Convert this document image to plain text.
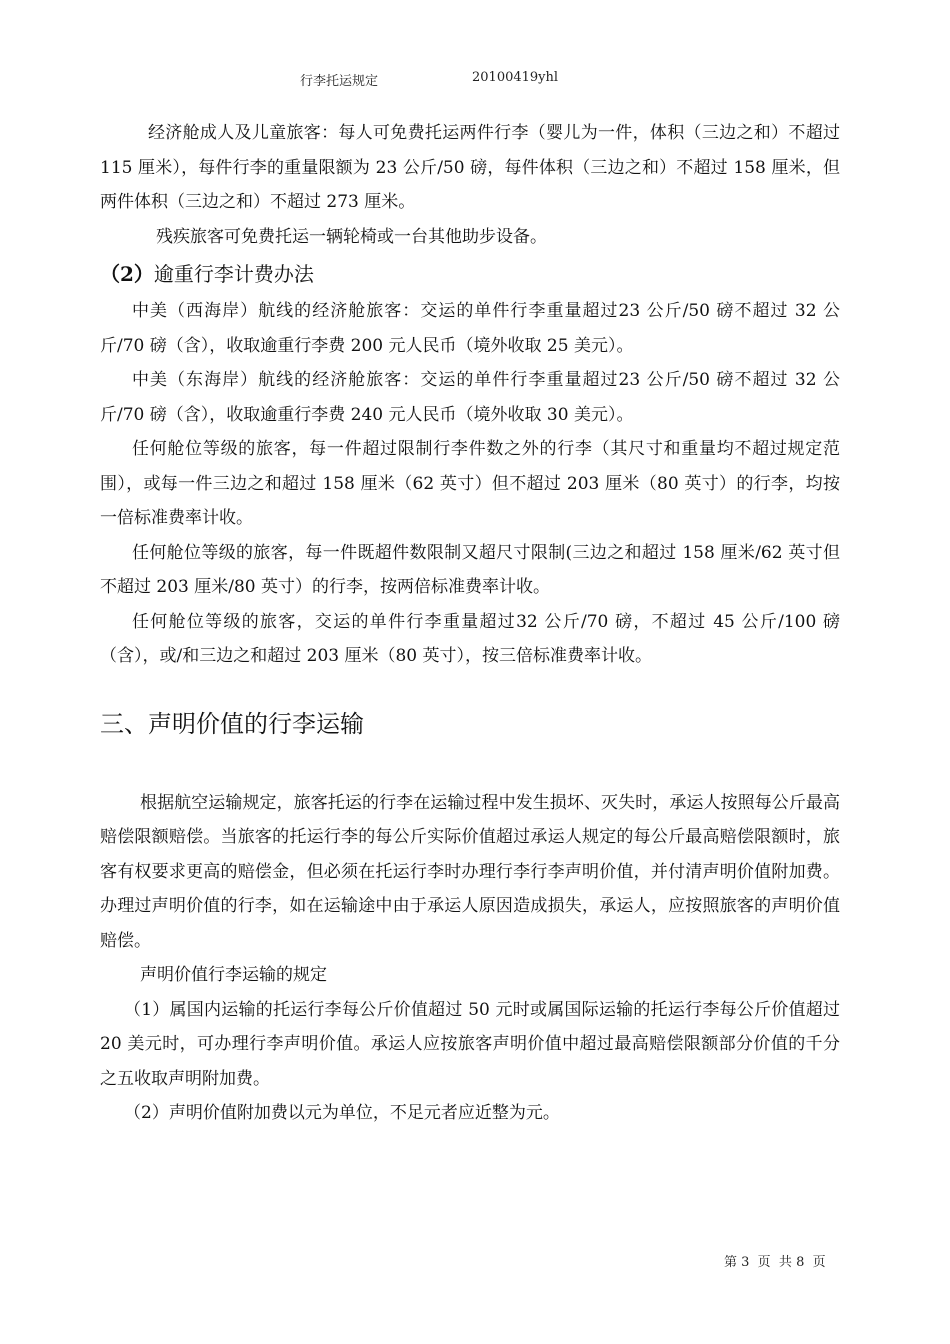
行李托运规定	20100419yhl

经济舱成人及儿童旅客：每人可免费托运两件行李（婴儿为一件，体积（三边之和）不超过 115 厘米），每件行李的重量限额为 23 公斤/50 磅，每件体积（三边之和）不超过 158 厘米，但两件体积（三边之和）不超过 273 厘米。

残疾旅客可免费托运一辆轮椅或一台其他助步设备。

（2）逾重行李计费办法

中美（西海岸）航线的经济舱旅客：交运的单件行李重量超过23 公斤/50 磅不超过 32 公斤/70 磅（含），收取逾重行李费 200 元人民币（境外收取 25 美元）。

中美（东海岸）航线的经济舱旅客：交运的单件行李重量超过23 公斤/50 磅不超过 32 公斤/70 磅（含），收取逾重行李费 240 元人民币（境外收取 30 美元）。

任何舱位等级的旅客，每一件超过限制行李件数之外的行李（其尺寸和重量均不超过规定范围），或每一件三边之和超过 158 厘米（62 英寸）但不超过 203 厘米（80 英寸）的行李，均按一倍标准费率计收。

任何舱位等级的旅客，每一件既超件数限制又超尺寸限制(三边之和超过 158 厘米/62 英寸但不超过 203 厘米/80 英寸）的行李，按两倍标准费率计收。

任何舱位等级的旅客，交运的单件行李重量超过32 公斤/70 磅，不超过 45 公斤/100 磅（含），或/和三边之和超过 203 厘米（80 英寸），按三倍标准费率计收。

三、声明价值的行李运输

根据航空运输规定，旅客托运的行李在运输过程中发生损坏、灭失时，承运人按照每公斤最高赔偿限额赔偿。当旅客的托运行李的每公斤实际价值超过承运人规定的每公斤最高赔偿限额时，旅客有权要求更高的赔偿金，但必须在托运行李时办理行李行李声明价值，并付清声明价值附加费。办理过声明价值的行李，如在运输途中由于承运人原因造成损失，承运人，应按照旅客的声明价值赔偿。

声明价值行李运输的规定

（1）属国内运输的托运行李每公斤价值超过 50 元时或属国际运输的托运行李每公斤价值超过 20 美元时，可办理行李声明价值。承运人应按旅客声明价值中超过最高赔偿限额部分价值的千分之五收取声明附加费。

（2）声明价值附加费以元为单位，不足元者应近整为元。

第 3  页  共 8  页
